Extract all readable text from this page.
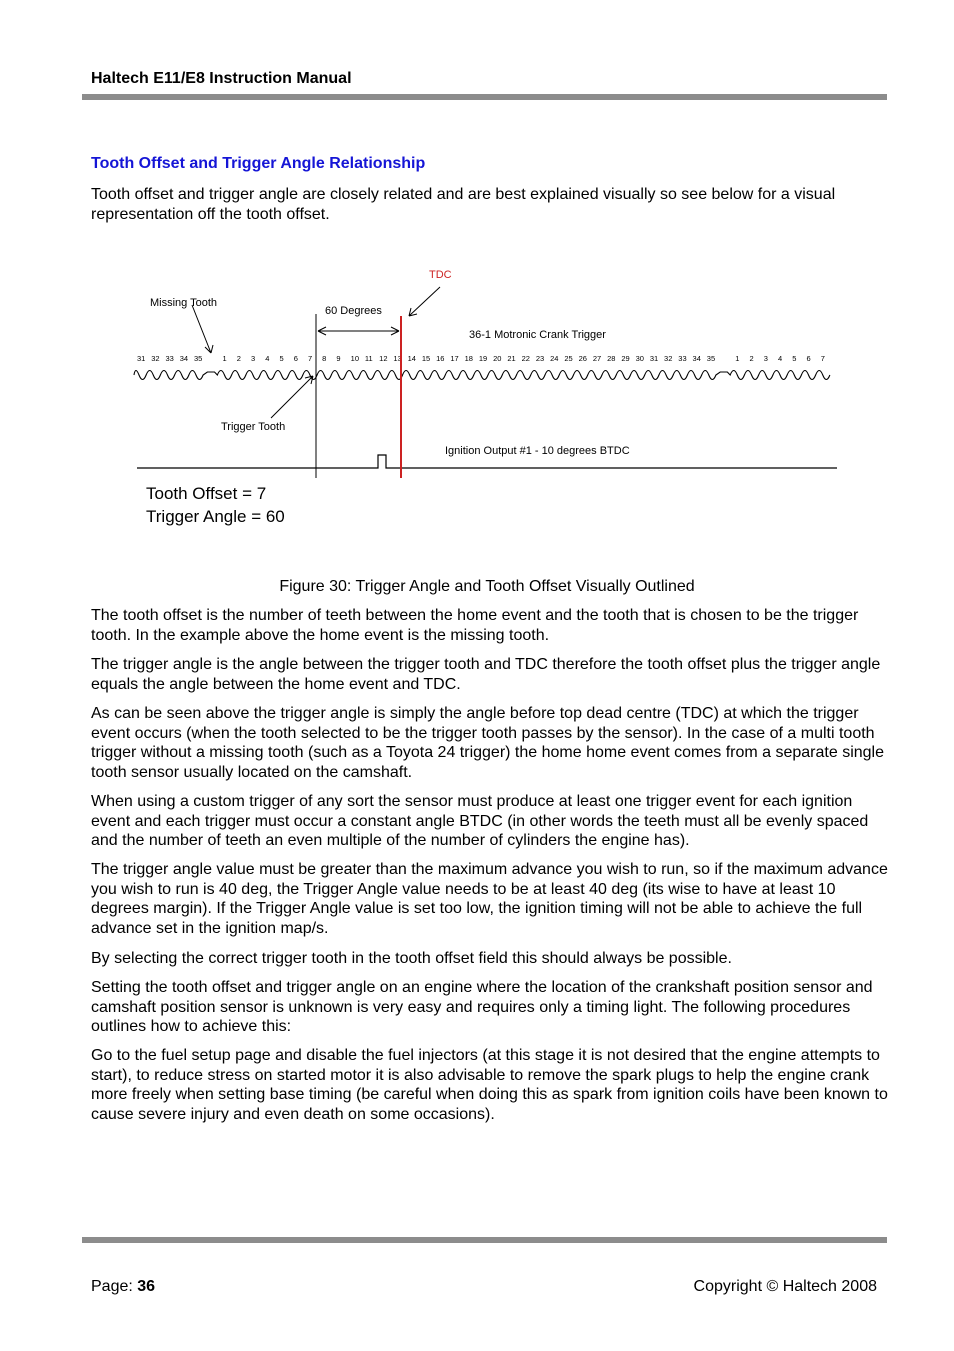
Haltech E11/E8 Instruction Manual
Tooth Offset and Trigger Angle Relationship
Tooth offset and trigger angle are closely related and are best explained visually so see below for a visual representation off the tooth offset.
31 32 33 34 35	1 2 3 4 5 6 7 8 9 10 11 12 13 14 15 16 17 18 19 20 21 22 23 24 25 26 27 28 29 30 31 32 33 34 35	1 2 3 4 5 6 7
TDC
Missing Tooth
60 Degrees
36-1 Motronic Crank Trigger
Trigger Tooth
Ignition Output #1 - 10 degrees BTDC
Tooth Offset = 7
Trigger Angle = 60
Figure 30: Trigger Angle and Tooth Offset Visually Outlined
The tooth offset is the number of teeth between the home event and the tooth that is chosen to be the trigger tooth. In the example above the home event is the missing tooth.
The trigger angle is the angle between the trigger tooth and TDC therefore the tooth offset plus the trigger angle equals the angle between the home event and TDC.
As can be seen above the trigger angle is simply the angle before top dead centre (TDC) at which the trigger event occurs (when the tooth selected to be the trigger tooth passes by the sensor). In the case of a multi tooth trigger without a missing tooth (such as a Toyota 24 trigger) the home home event comes from a separate single tooth sensor usually located on the camshaft.
When using a custom trigger of any sort the sensor must produce at least one trigger event for each ignition event and each trigger must occur a constant angle BTDC (in other words the teeth must all be evenly spaced and the number of teeth an even multiple of the number of cylinders the engine has).
The trigger angle value must be greater than the maximum advance you wish to run, so if the maximum advance you wish to run is 40 deg, the Trigger Angle value needs to be at least 40 deg (its wise to have at least 10 degrees margin). If the Trigger Angle value is set too low, the ignition timing will not be able to achieve the full advance set in the ignition map/s.
By selecting the correct trigger tooth in the tooth offset field this should always be possible.
Setting the tooth offset and trigger angle on an engine where the location of the crankshaft position sensor and camshaft position sensor is unknown is very easy and requires only a timing light. The following procedures outlines how to achieve this:
Go to the fuel setup page and disable the fuel injectors (at this stage it is not desired that the engine attempts to start), to reduce stress on started motor it is also advisable to remove the spark plugs to help the engine crank more freely when setting base timing (be careful when doing this as spark from ignition coils have been known to cause severe injury and even death on some occasions).
Page: 36	Copyright © Haltech 2008
